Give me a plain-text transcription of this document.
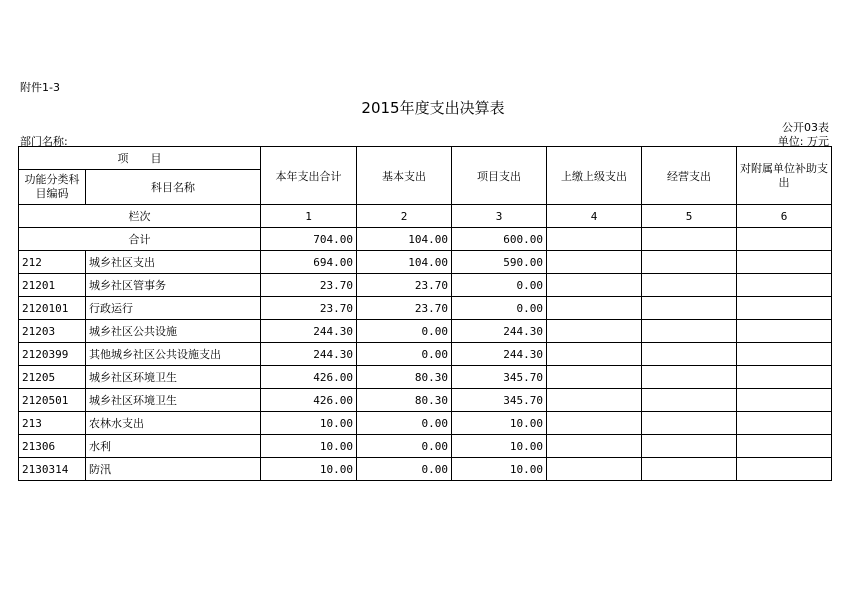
附件1-3
2015年度支出决算表
公开03表
部门名称:	单位: 万元
项　　目		本年支出合计	基本支出	项目支出	上缴上级支出	经营支出	对附属单位补助支出
功能分类科目编码	科目名称						
栏次		1	2	3	4	5	6
合计		704.00	104.00	600.00			
212	城乡社区支出	694.00	104.00	590.00			
21201	城乡社区管事务	23.70	23.70	0.00			
2120101	行政运行	23.70	23.70	0.00			
21203	城乡社区公共设施	244.30	0.00	244.30			
2120399	其他城乡社区公共设施支出	244.30	0.00	244.30			
21205	城乡社区环境卫生	426.00	80.30	345.70			
2120501	城乡社区环境卫生	426.00	80.30	345.70			
213	农林水支出	10.00	0.00	10.00			
21306	水利	10.00	0.00	10.00			
2130314	防汛	10.00	0.00	10.00			
